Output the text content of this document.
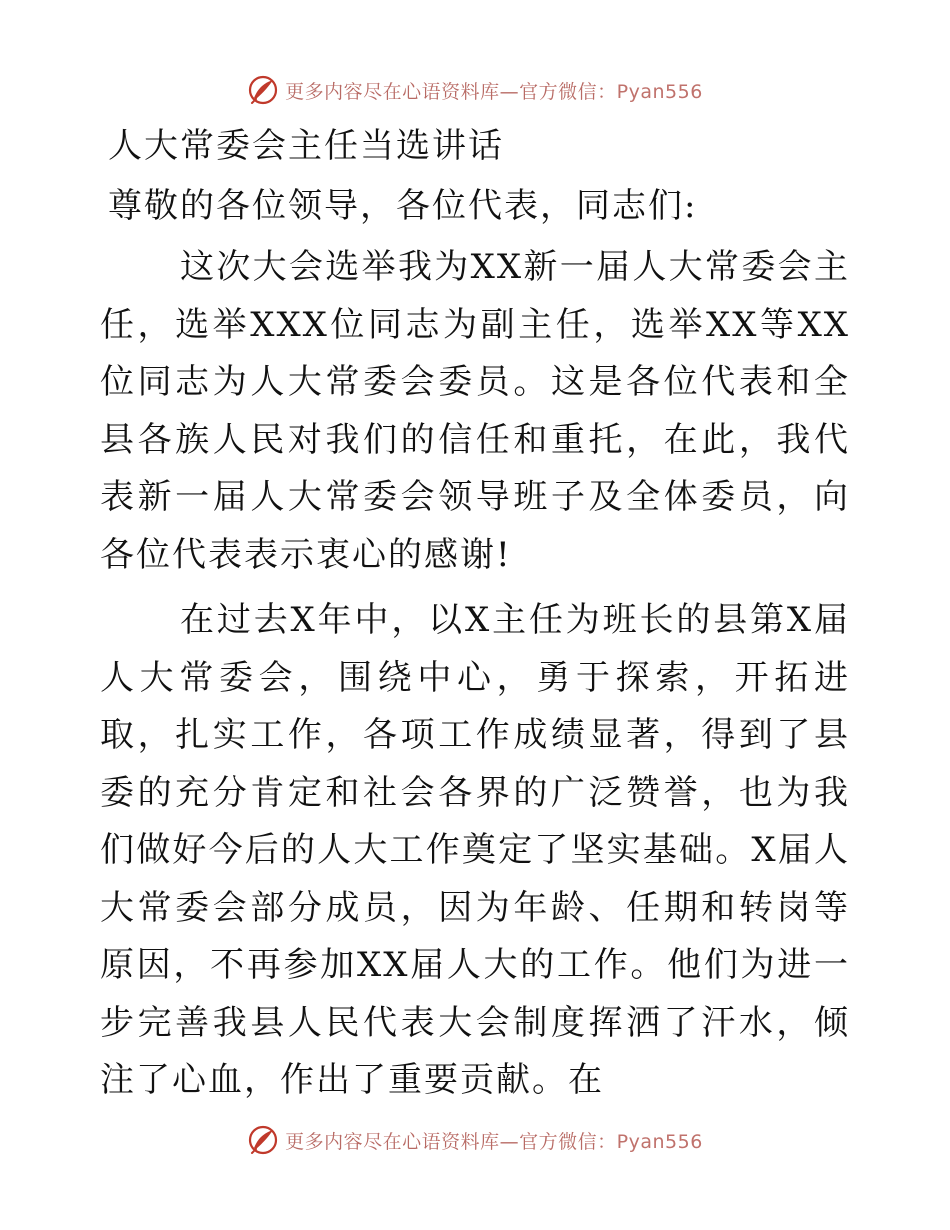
更多内容尽在心语资料库—官方微信：Pyan556
人大常委会主任当选讲话

尊敬的各位领导，各位代表，同志们:

这次大会选举我为XX新一届人大常委会主任，选举XXX位同志为副主任，选举XX等XX位同志为人大常委会委员。这是各位代表和全县各族人民对我们的信任和重托，在此，我代表新一届人大常委会领导班子及全体委员，向各位代表表示衷心的感谢!

在过去X年中，以X主任为班长的县第X届人大常委会，围绕中心，勇于探索，开拓进取，扎实工作，各项工作成绩显著，得到了县委的充分肯定和社会各界的广泛赞誉，也为我们做好今后的人大工作奠定了坚实基础。X届人大常委会部分成员，因为年龄、任期和转岗等原因，不再参加XX届人大的工作。他们为进一步完善我县人民代表大会制度挥洒了汗水，倾注了心血，作出了重要贡献。在

更多内容尽在心语资料库—官方微信：Pyan556
